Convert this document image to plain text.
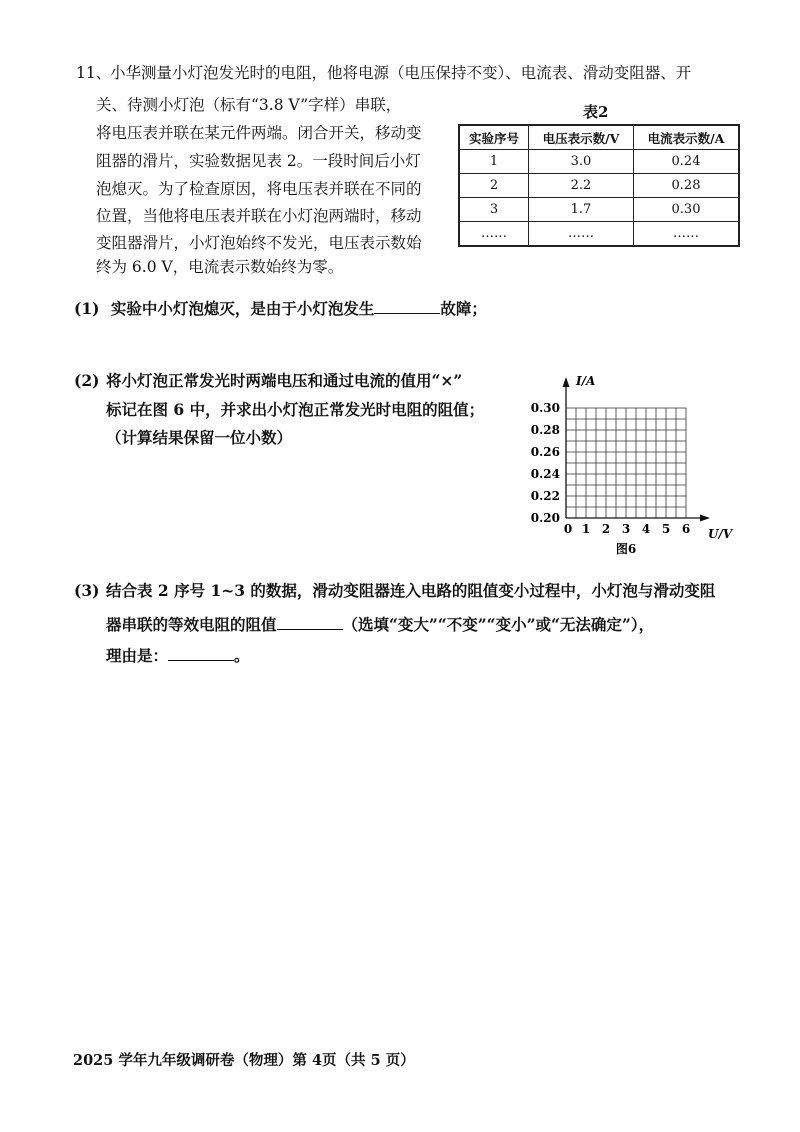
11、
小华测量小灯泡发光时的电阻，他将电源（电压保持不变）、电流表、滑动变阻器、开
关、待测小灯泡（标有“3.8 V”字样）串联，
将电压表并联在某元件两端。闭合开关，移动变
阻器的滑片，实验数据见表 2。一段时间后小灯
泡熄灭。为了检查原因，将电压表并联在不同的
位置，当他将电压表并联在小灯泡两端时，移动
变阻器滑片，小灯泡始终不发光，电压表示数始
终为 6.0 V，电流表示数始终为零。
表2
实验序号	电压表示数/V	电流表示数/A
1	3.0	0.24
2	2.2	0.28
3	1.7	0.30
……	……	……
(1) 实验中小灯泡熄灭，是由于小灯泡发生	故障；
(2) 将小灯泡正常发光时两端电压和通过电流的值用“×”
标记在图 6 中，并求出小灯泡正常发光时电阻的阻值；
（计算结果保留一位小数）
0.30
0.28
0.26
0.24
0.22
0.20
0 1 2 3 4 5 6
I/A
U/V
图6
(3) 结合表 2 序号 1~3 的数据，滑动变阻器连入电路的阻值变小过程中，小灯泡与滑动变阻
器串联的等效电阻的阻值	（选填“变大”“不变”“变小”或“无法确定”），
理由是：	。
2025 学年九年级调研卷（物理）第 4页（共 5 页）
